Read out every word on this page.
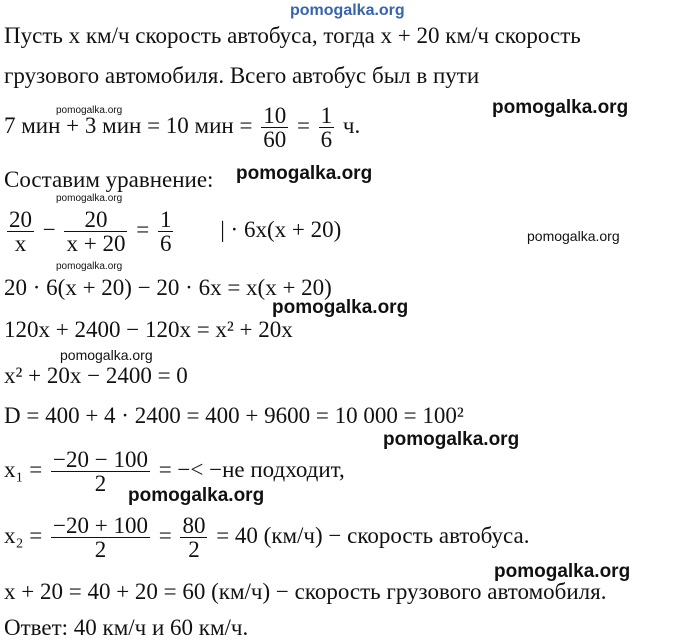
pomogalka.org
Пусть x км/ч скорость автобуса, тогда x + 20 км/ч скорость
грузового автомобиля. Всего автобус был в пути
pomogalka.org	pomogalka.org
7 мин + 3 мин = 10 мин = $\frac{10}{60} = \frac{1}{6} ч$.
Составим уравнение: pomogalka.org
pomogalka.org
$\frac{20}{x} - \frac{20}{x + 20} = \frac{1}{6}$ | · 6x(x + 20)	pomogalka.org
pomogalka.org
20 · 6(x + 20) − 20 · 6x = x(x + 20)
pomogalka.org
120x + 2400 − 120x = x² + 20x
pomogalka.org
x² + 20x − 2400 = 0
D = 400 + 4 · 2400 = 400 + 9600 = 10 000 = 100²
pomogalka.org
$x_1 = \frac{-20 - 100}{2}$ = −< −не подходит,
pomogalka.org
$x_2 = \frac{-20 + 100}{2} = \frac{80}{2} = 40$ (км/ч) − скорость автобуса.
pomogalka.org
x + 20 = 40 + 20 = 60 (км/ч) − скорость грузового автомобиля.
Ответ: 40 км/ч и 60 км/ч.
